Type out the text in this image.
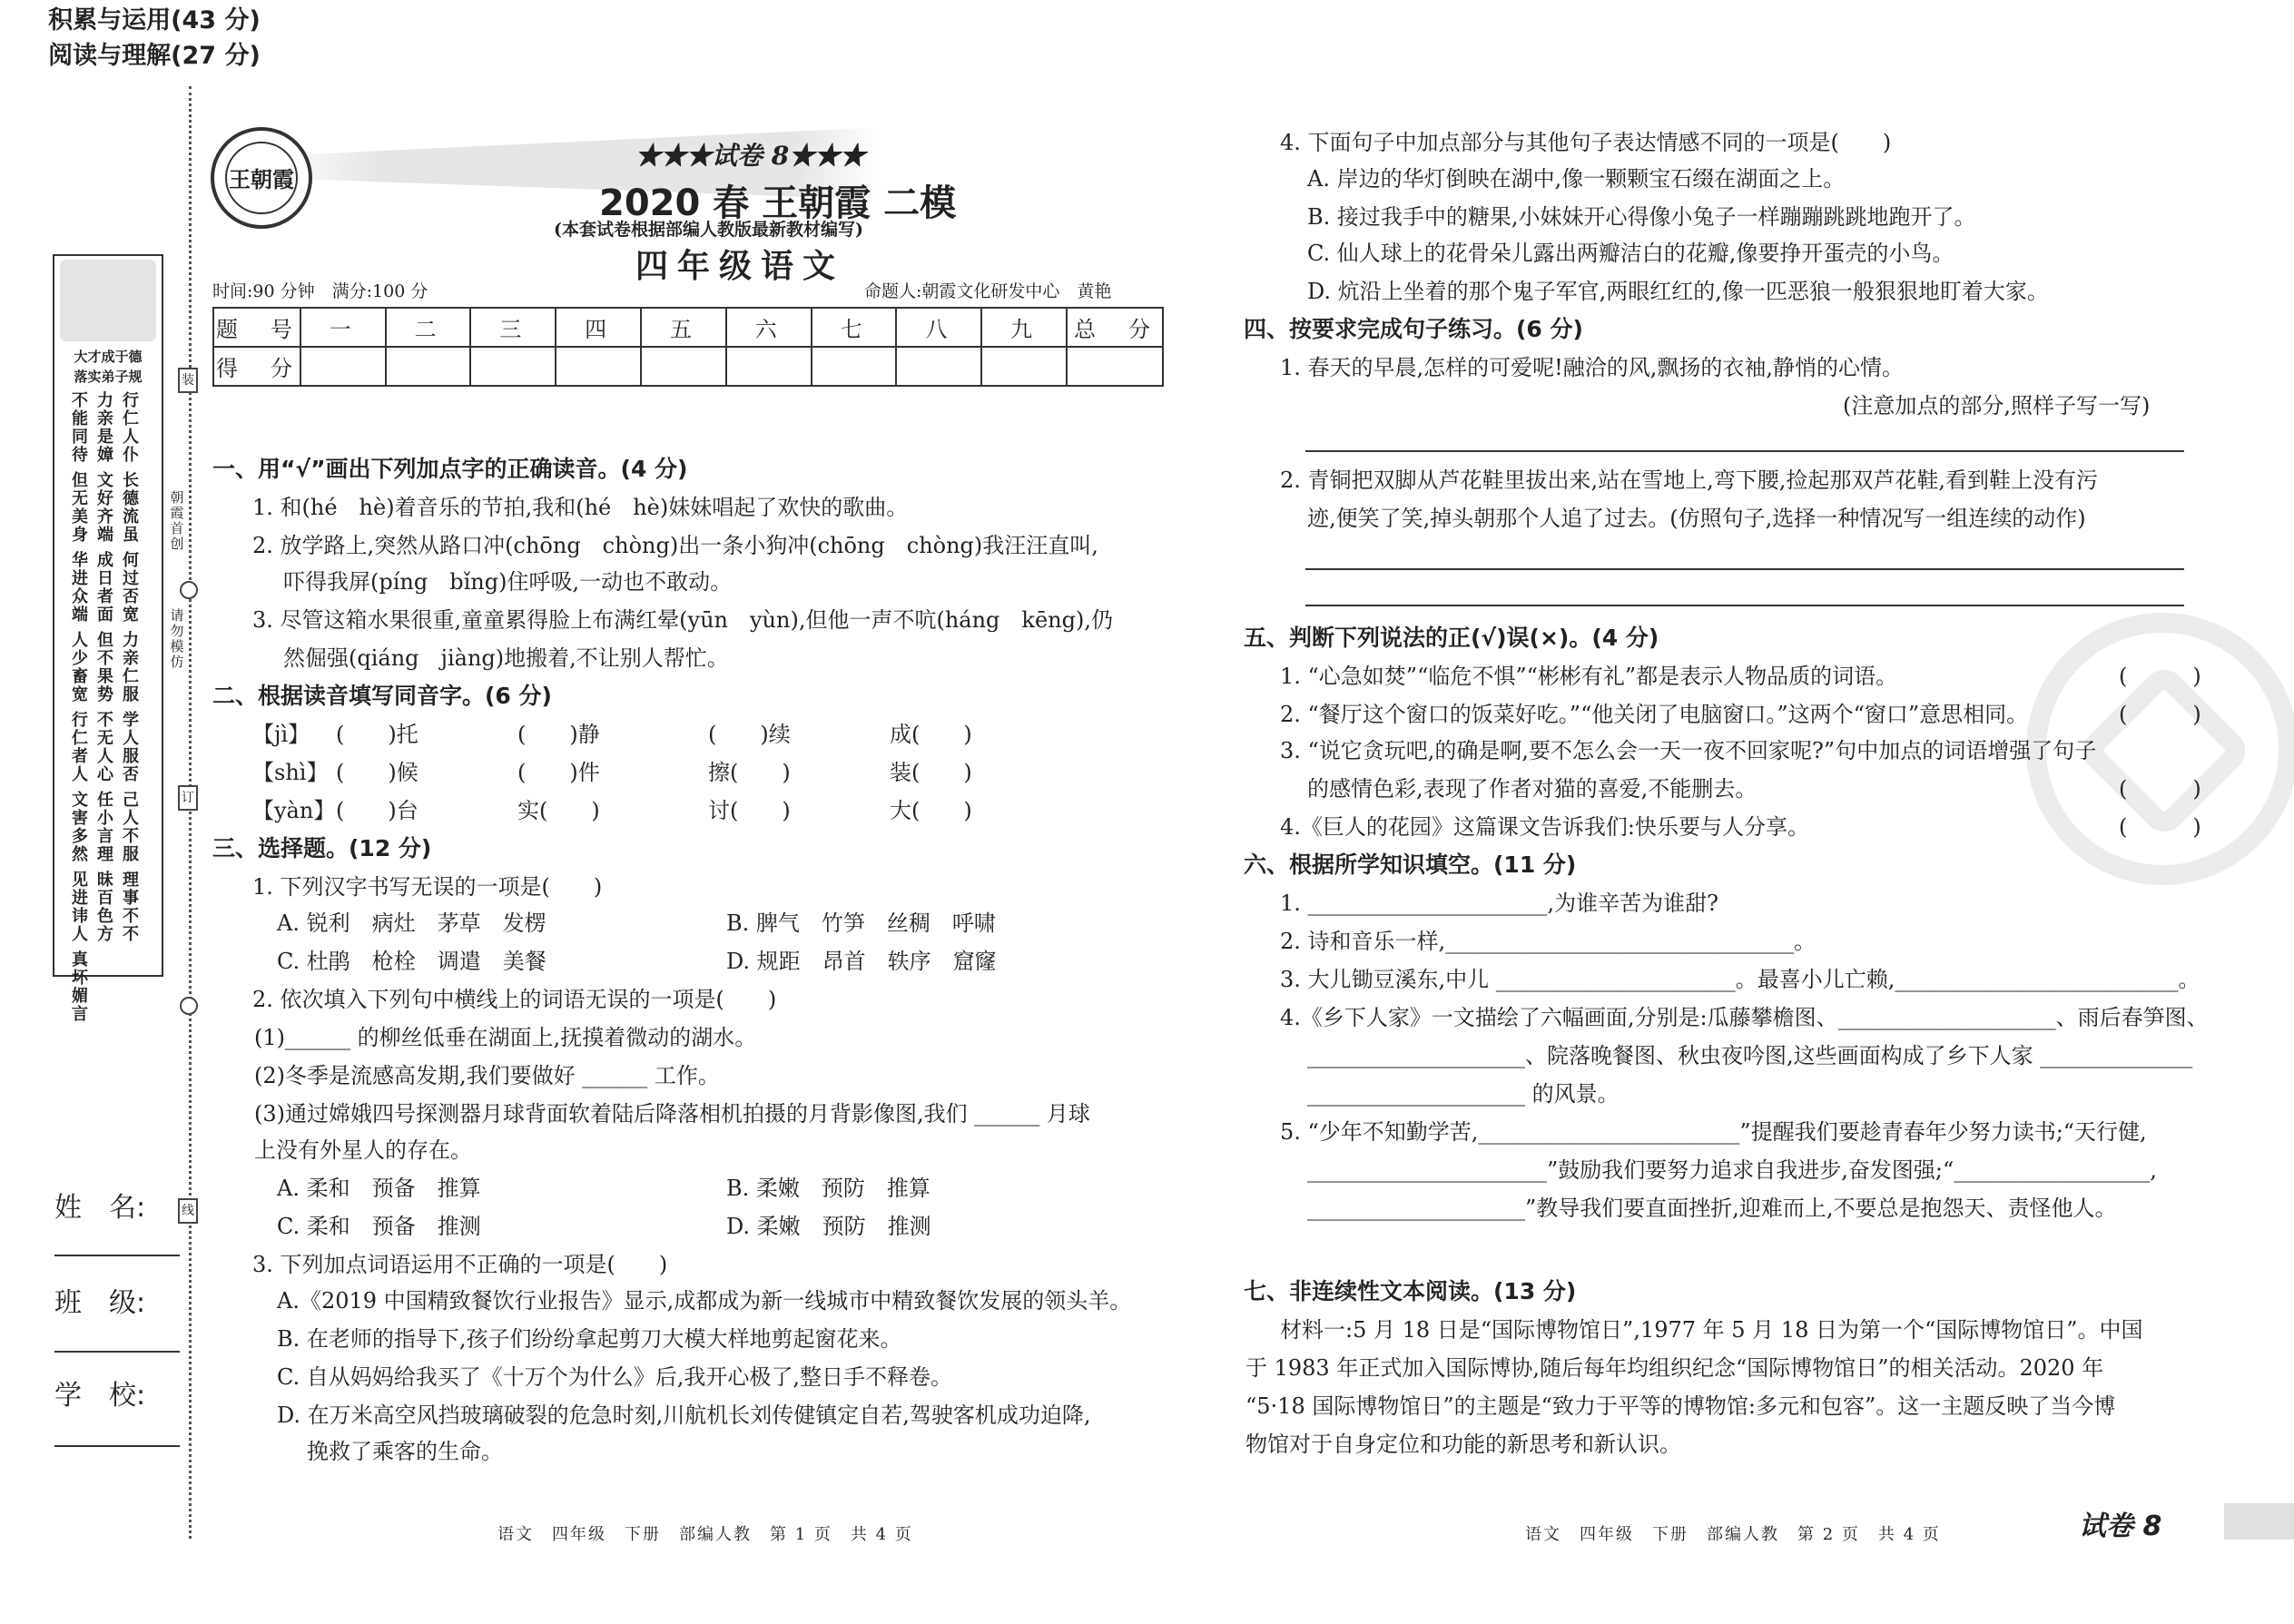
王朝霞
大才成于德
落实弟子规
不能同待
力亲是嫜
行仁人仆
但无美身
文好齐端
长德流虽
华进众端
成日者面
何过否宽
人少畜宽
但不果势
力亲仁服
行仁者人
不无人心
学人服否
文害多然
任小言理
己人不服
见进讳人
昧百色方
理事不不
真坏媚言
朝霞首创
请勿模仿
装
订
线
姓　名:
班　级:
学　校:
★★★试卷 8★★★
2020 春 王朝霞 二模
(本套试卷根据部编人教版最新教材编写)
四年级语文
时间:90 分钟　满分:100 分	命题人:朝霞文化研发中心　黄艳
题　号	一	二	三	四	五	六	七	八	九	总　分
得　分										
积累与运用(43 分)
一、用“√”画出下列加点字的正确读音。(4 分)
1. 和(hé　hè)着音乐的节拍,我和(hé　hè)妹妹唱起了欢快的歌曲。
2. 放学路上,突然从路口冲(chōng　chòng)出一条小狗冲(chōng　chòng)我汪汪直叫,
吓得我屏(píng　bǐng)住呼吸,一动也不敢动。
3. 尽管这箱水果很重,童童累得脸上布满红晕(yūn　yùn),但他一声不吭(háng　kēng),仍
然倔强(qiáng　jiàng)地搬着,不让别人帮忙。
二、根据读音填写同音字。(6 分)
【jì】 (　　)托	(　　)静	(　　)续	成(　　)
【shì】 (　　)候	(　　)件	擦(　　)	装(　　)
【yàn】 (　　)台	实(　　)	讨(　　)	大(　　)
三、选择题。(12 分)
1. 下列汉字书写无误的一项是(　　)
A. 锐利　病灶　茅草　发楞	B. 脾气　竹笋　丝稠　呼啸
C. 杜鹃　枪栓　调遣　美餐	D. 规距　昂首　轶序　窟窿
2. 依次填入下列句中横线上的词语无误的一项是(　　)
(1)______ 的柳丝低垂在湖面上,抚摸着微动的湖水。
(2)冬季是流感高发期,我们要做好 ______ 工作。
(3)通过嫦娥四号探测器月球背面软着陆后降落相机拍摄的月背影像图,我们 ______ 月球
上没有外星人的存在。
A. 柔和　预备　推算	B. 柔嫩　预防　推算
C. 柔和　预备　推测	D. 柔嫩　预防　推测
3. 下列加点词语运用不正确的一项是(　　)
A.《2019 中国精致餐饮行业报告》显示,成都成为新一线城市中精致餐饮发展的领头羊。
B. 在老师的指导下,孩子们纷纷拿起剪刀大模大样地剪起窗花来。
C. 自从妈妈给我买了《十万个为什么》后,我开心极了,整日手不释卷。
D. 在万米高空风挡玻璃破裂的危急时刻,川航机长刘传健镇定自若,驾驶客机成功迫降,
挽救了乘客的生命。
语文　四年级　下册　部编人教　第 1 页　共 4 页
4. 下面句子中加点部分与其他句子表达情感不同的一项是(　　)
A. 岸边的华灯倒映在湖中,像一颗颗宝石缀在湖面之上。
B. 接过我手中的糖果,小妹妹开心得像小兔子一样蹦蹦跳跳地跑开了。
C. 仙人球上的花骨朵儿露出两瓣洁白的花瓣,像要挣开蛋壳的小鸟。
D. 炕沿上坐着的那个鬼子军官,两眼红红的,像一匹恶狼一般狠狠地盯着大家。
四、按要求完成句子练习。(6 分)
1. 春天的早晨,怎样的可爱呢!融洽的风,飘扬的衣袖,静悄的心情。
(注意加点的部分,照样子写一写)
2. 青铜把双脚从芦花鞋里拔出来,站在雪地上,弯下腰,捡起那双芦花鞋,看到鞋上没有污
迹,便笑了笑,掉头朝那个人追了过去。(仿照句子,选择一种情况写一组连续的动作)
五、判断下列说法的正(√)误(×)。(4 分)
1. “心急如焚”“临危不惧”“彬彬有礼”都是表示人物品质的词语。	(　　　)
2. “餐厅这个窗口的饭菜好吃。”“他关闭了电脑窗口。”这两个“窗口”意思相同。	(　　　)
3. “说它贪玩吧,的确是啊,要不怎么会一天一夜不回家呢?”句中加点的词语增强了句子
的感情色彩,表现了作者对猫的喜爱,不能删去。	(　　　)
4.《巨人的花园》这篇课文告诉我们:快乐要与人分享。	(　　　)
六、根据所学知识填空。(11 分)
1. ______________________,为谁辛苦为谁甜?
2. 诗和音乐一样,________________________________。
3. 大儿锄豆溪东,中儿 ______________________。最喜小儿亡赖,__________________________。
4.《乡下人家》一文描绘了六幅画面,分别是:瓜藤攀檐图、____________________、雨后春笋图、
____________________、院落晚餐图、秋虫夜吟图,这些画面构成了乡下人家 ______________
____________________ 的风景。
5. “少年不知勤学苦,________________________”提醒我们要趁青春年少努力读书;“天行健,
______________________”鼓励我们要努力追求自我进步,奋发图强;“__________________,
____________________”教导我们要直面挫折,迎难而上,不要总是抱怨天、责怪他人。
阅读与理解(27 分)
七、非连续性文本阅读。(13 分)
材料一:5 月 18 日是“国际博物馆日”,1977 年 5 月 18 日为第一个“国际博物馆日”。中国
于 1983 年正式加入国际博协,随后每年均组织纪念“国际博物馆日”的相关活动。2020 年
“5·18 国际博物馆日”的主题是“致力于平等的博物馆:多元和包容”。这一主题反映了当今博
物馆对于自身定位和功能的新思考和新认识。
语文　四年级　下册　部编人教　第 2 页　共 4 页	试卷 8
